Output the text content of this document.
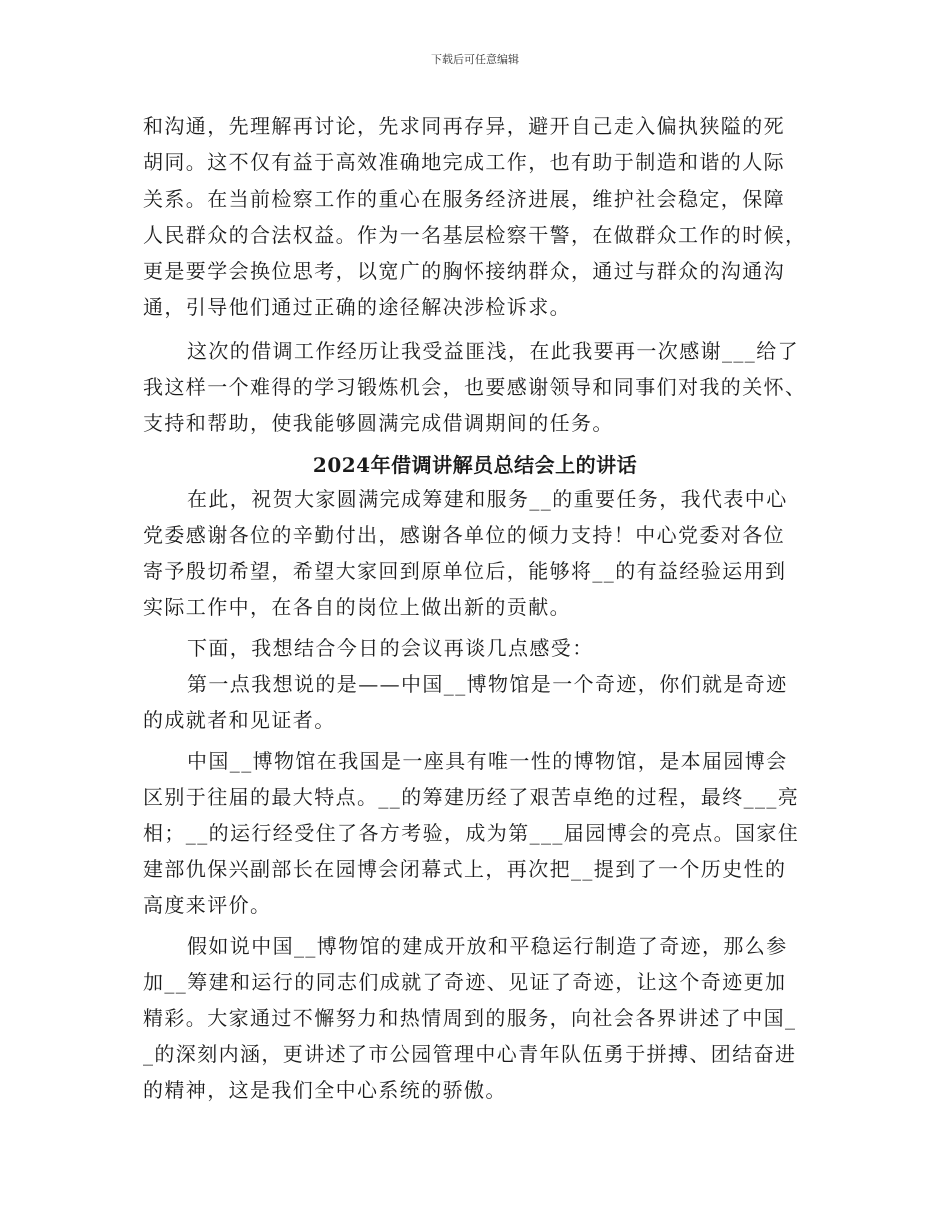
下载后可任意编辑
和沟通，先理解再讨论，先求同再存异，避开自己走入偏执狭隘的死
胡同。这不仅有益于高效准确地完成工作，也有助于制造和谐的人际
关系。在当前检察工作的重心在服务经济进展，维护社会稳定，保障
人民群众的合法权益。作为一名基层检察干警，在做群众工作的时候，
更是要学会换位思考，以宽广的胸怀接纳群众，通过与群众的沟通沟
通，引导他们通过正确的途径解决涉检诉求。
这次的借调工作经历让我受益匪浅，在此我要再一次感谢___给了
我这样一个难得的学习锻炼机会，也要感谢领导和同事们对我的关怀、
支持和帮助，使我能够圆满完成借调期间的任务。
2024年借调讲解员总结会上的讲话
在此，祝贺大家圆满完成筹建和服务__的重要任务，我代表中心
党委感谢各位的辛勤付出，感谢各单位的倾力支持！中心党委对各位
寄予殷切希望，希望大家回到原单位后，能够将__的有益经验运用到
实际工作中，在各自的岗位上做出新的贡献。
下面，我想结合今日的会议再谈几点感受：
第一点我想说的是——中国__博物馆是一个奇迹，你们就是奇迹
的成就者和见证者。
中国__博物馆在我国是一座具有唯一性的博物馆，是本届园博会
区别于往届的最大特点。__的筹建历经了艰苦卓绝的过程，最终___亮
相；__的运行经受住了各方考验，成为第___届园博会的亮点。国家住
建部仇保兴副部长在园博会闭幕式上，再次把__提到了一个历史性的
高度来评价。
假如说中国__博物馆的建成开放和平稳运行制造了奇迹，那么参
加__筹建和运行的同志们成就了奇迹、见证了奇迹，让这个奇迹更加
精彩。大家通过不懈努力和热情周到的服务，向社会各界讲述了中国_
_的深刻内涵，更讲述了市公园管理中心青年队伍勇于拼搏、团结奋进
的精神，这是我们全中心系统的骄傲。
